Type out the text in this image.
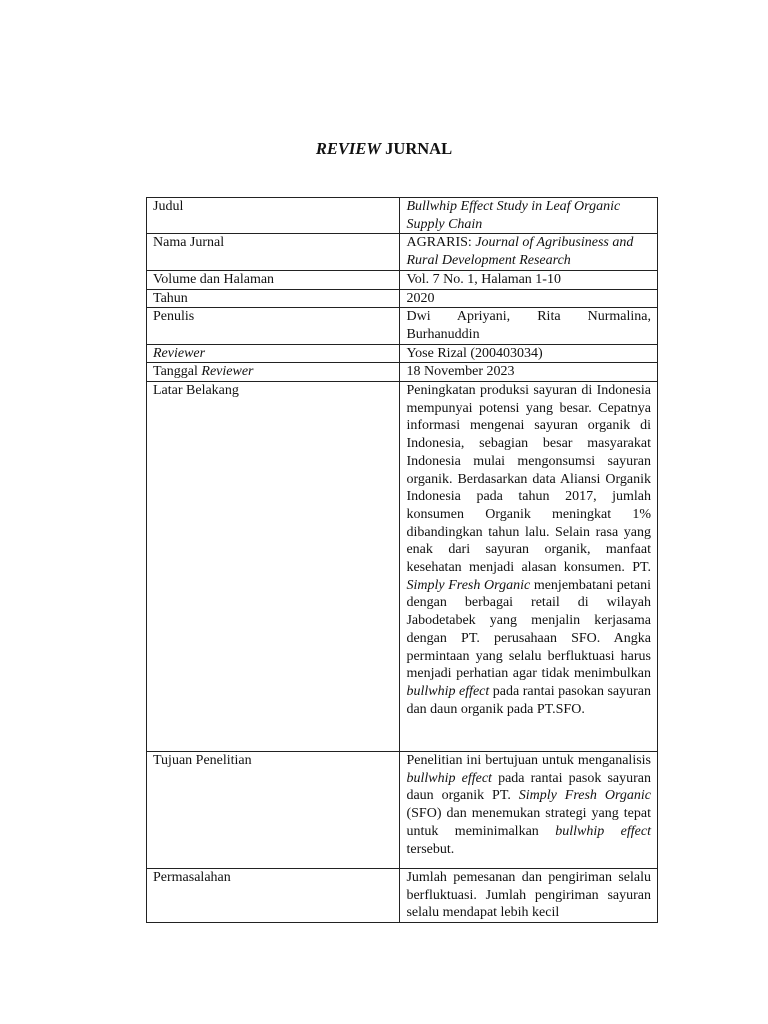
REVIEW JURNAL
Judul	Bullwhip Effect Study in Leaf Organic Supply Chain
Nama Jurnal	AGRARIS: Journal of Agribusiness and Rural Development Research
Volume dan Halaman	Vol. 7 No. 1, Halaman 1-10
Tahun	2020
Penulis	Dwi Apriyani, Rita Nurmalina, Burhanuddin
Reviewer	Yose Rizal (200403034)
Tanggal Reviewer	18 November 2023
Latar Belakang	Peningkatan produksi sayuran di Indonesia mempunyai potensi yang besar. Cepatnya informasi mengenai sayuran organik di Indonesia, sebagian besar masyarakat Indonesia mulai mengonsumsi sayuran organik. Berdasarkan data Aliansi Organik Indonesia pada tahun 2017, jumlah konsumen Organik meningkat 1% dibandingkan tahun lalu. Selain rasa yang enak dari sayuran organik, manfaat kesehatan menjadi alasan konsumen. PT. Simply Fresh Organic menjembatani petani dengan berbagai retail di wilayah Jabodetabek yang menjalin kerjasama dengan PT. perusahaan SFO. Angka permintaan yang selalu berfluktuasi harus menjadi perhatian agar tidak menimbulkan bullwhip effect pada rantai pasokan sayuran dan daun organik pada PT.SFO.
Tujuan Penelitian	Penelitian ini bertujuan untuk menganalisis bullwhip effect pada rantai pasok sayuran daun organik PT. Simply Fresh Organic (SFO) dan menemukan strategi yang tepat untuk meminimalkan bullwhip effect tersebut.
Permasalahan	Jumlah pemesanan dan pengiriman selalu berfluktuasi. Jumlah pengiriman sayuran selalu mendapat lebih kecil
